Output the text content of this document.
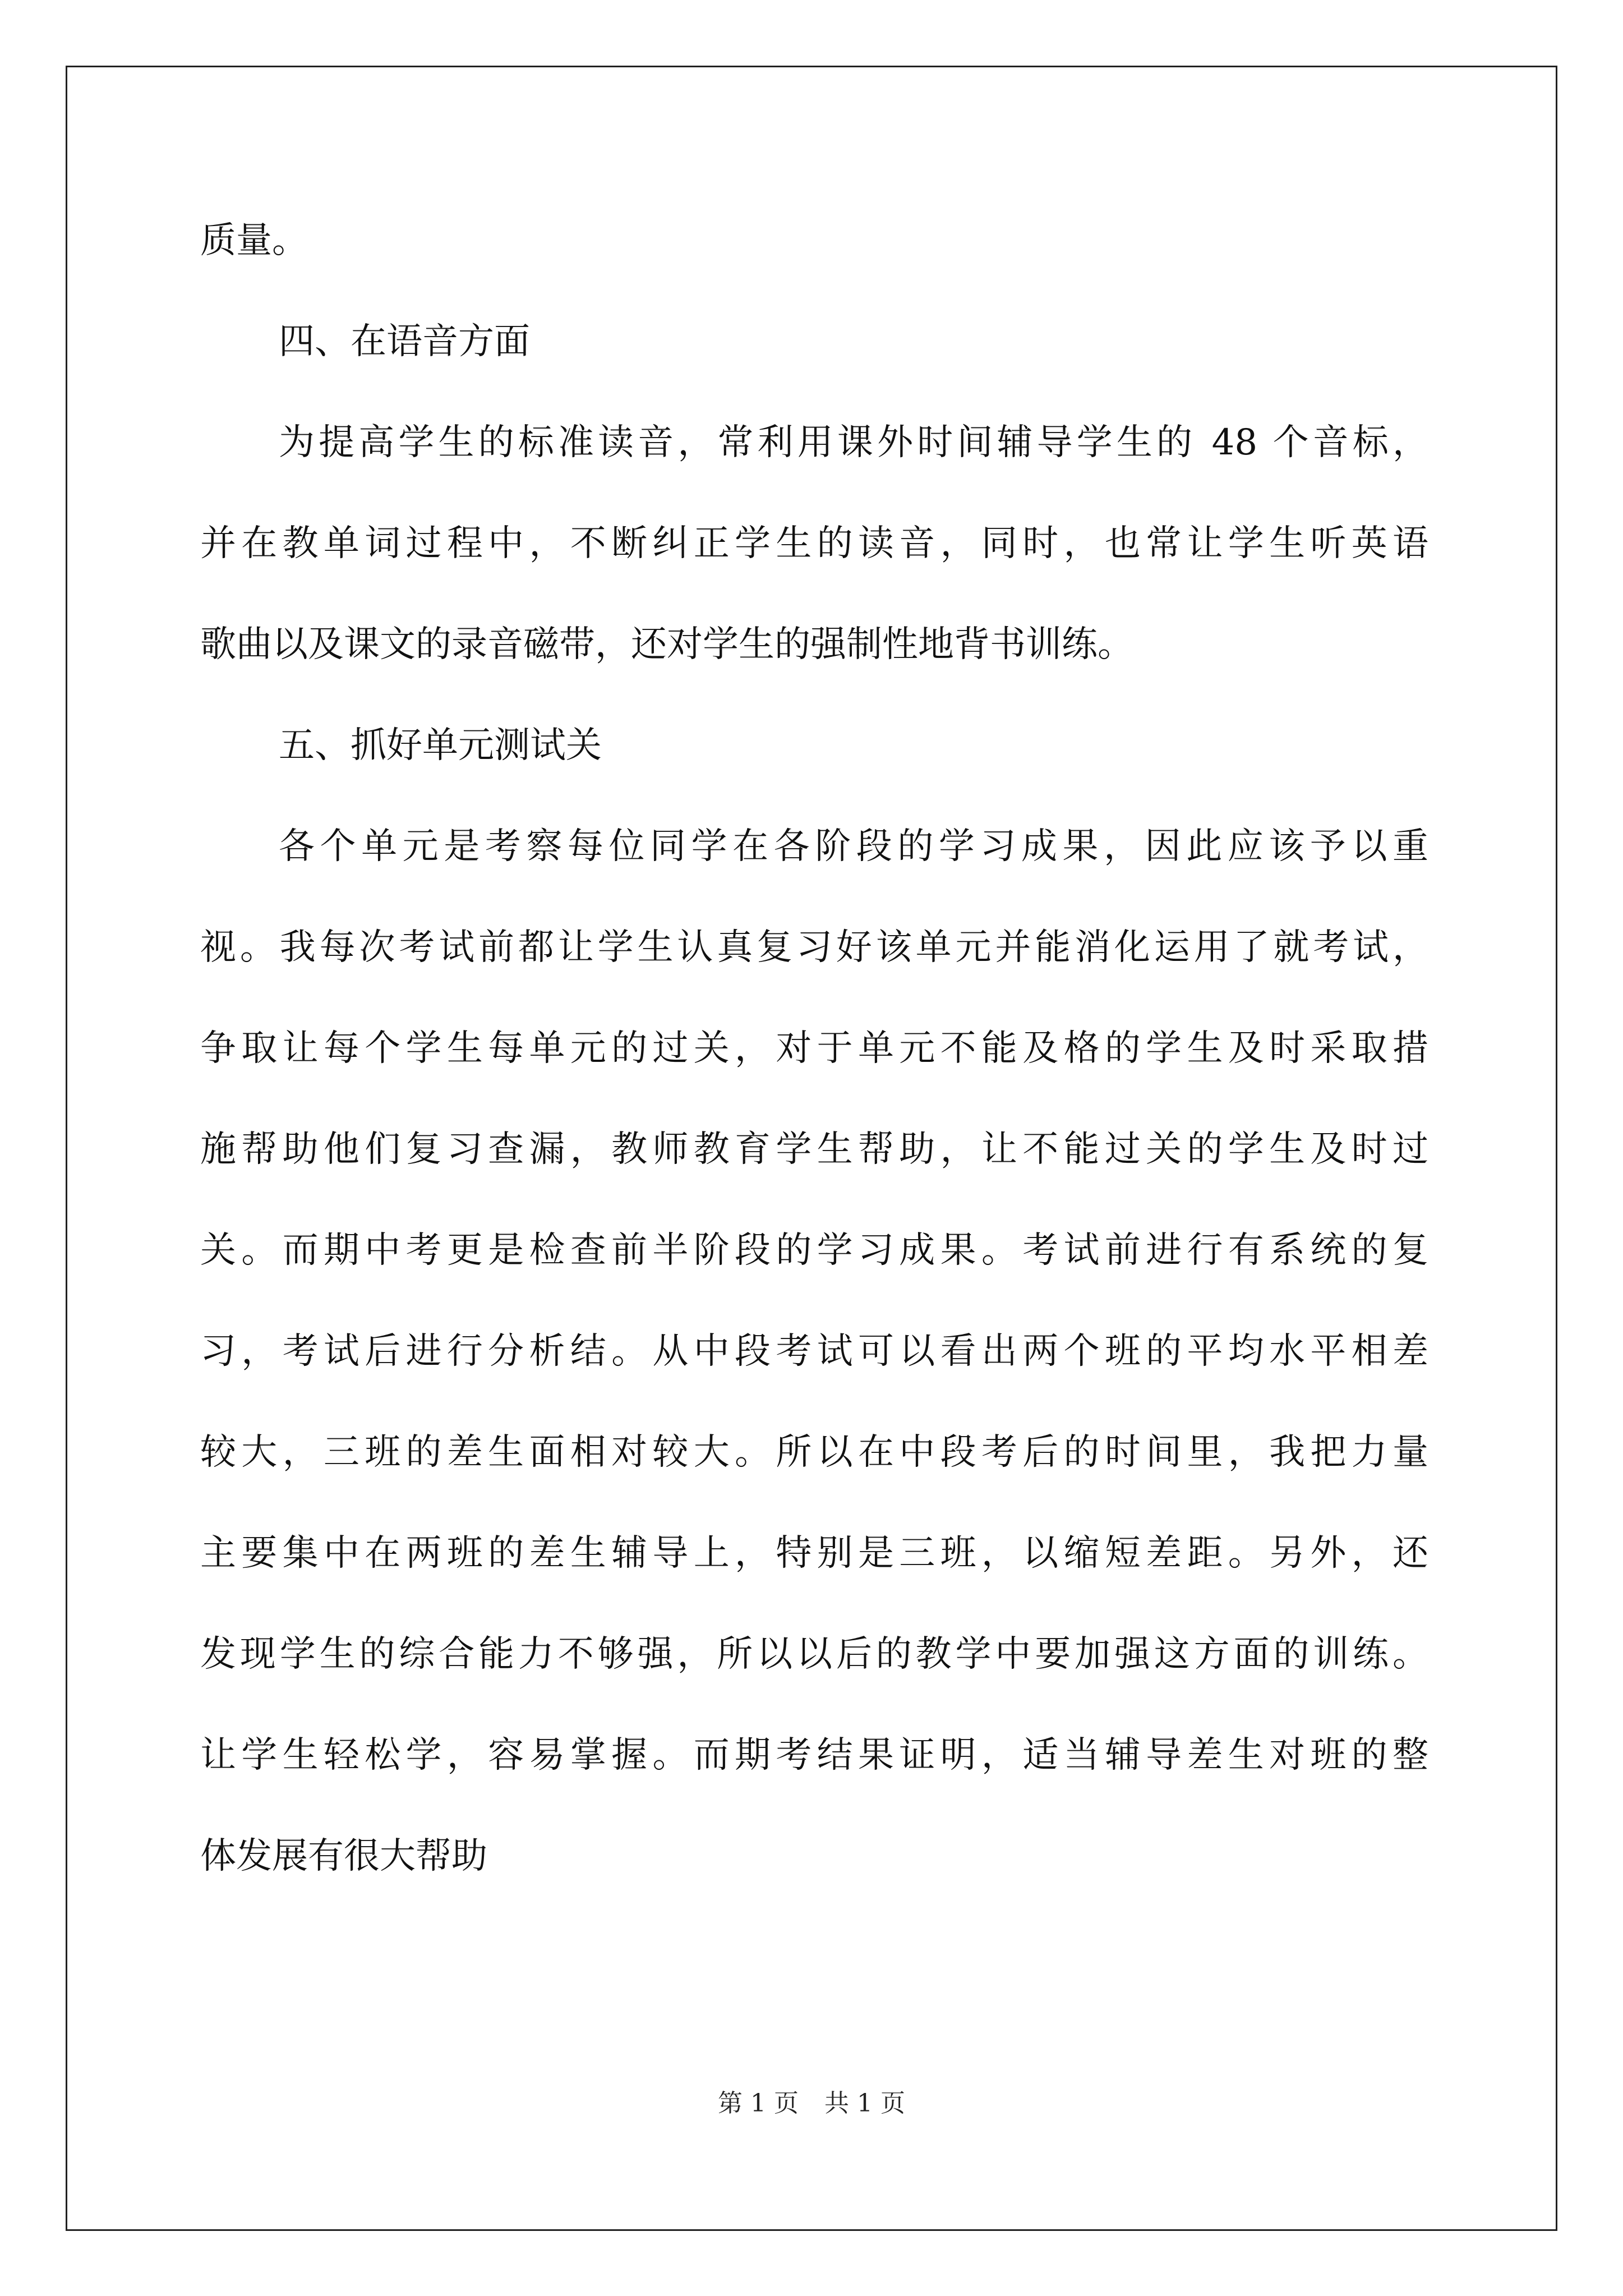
质量。
四、在语音方面
为提高学生的标准读音，常利用课外时间辅导学生的 48 个音标，
并在教单词过程中，不断纠正学生的读音，同时，也常让学生听英语
歌曲以及课文的录音磁带，还对学生的强制性地背书训练。
五、抓好单元测试关
各个单元是考察每位同学在各阶段的学习成果，因此应该予以重
视。我每次考试前都让学生认真复习好该单元并能消化运用了就考试，
争取让每个学生每单元的过关，对于单元不能及格的学生及时采取措
施帮助他们复习查漏，教师教育学生帮助，让不能过关的学生及时过
关。而期中考更是检查前半阶段的学习成果。考试前进行有系统的复
习，考试后进行分析结。从中段考试可以看出两个班的平均水平相差
较大，三班的差生面相对较大。所以在中段考后的时间里，我把力量
主要集中在两班的差生辅导上，特别是三班，以缩短差距。另外，还
发现学生的综合能力不够强，所以以后的教学中要加强这方面的训练。
让学生轻松学，容易掌握。而期考结果证明，适当辅导差生对班的整
体发展有很大帮助
第 1 页 共 1 页
